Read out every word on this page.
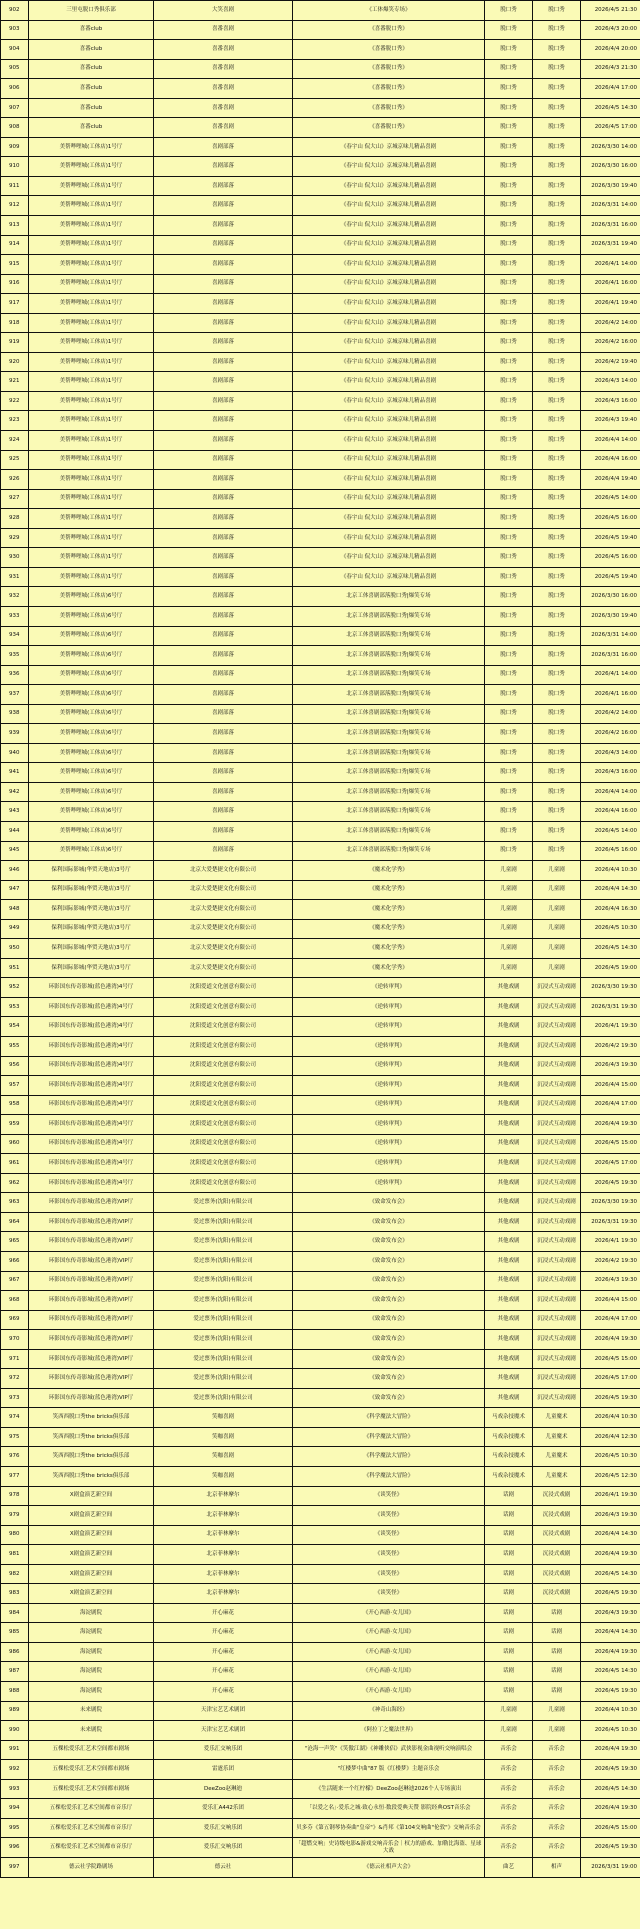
902	三里屯脱口秀俱乐部	大笑喜剧	《工体爆笑专场》	脱口秀	脱口秀	2026/4/5 21:30
903	喜番club	喜番喜剧	《喜番脱口秀》	脱口秀	脱口秀	2026/4/3 20:00
904	喜番club	喜番喜剧	《喜番脱口秀》	脱口秀	脱口秀	2026/4/4 20:00
905	喜番club	喜番喜剧	《喜番脱口秀》	脱口秀	脱口秀	2026/4/3 21:30
906	喜番club	喜番喜剧	《喜番脱口秀》	脱口秀	脱口秀	2026/4/4 17:00
907	喜番club	喜番喜剧	《喜番脱口秀》	脱口秀	脱口秀	2026/4/5 14:30
908	喜番club	喜番喜剧	《喜番脱口秀》	脱口秀	脱口秀	2026/4/5 17:00
909	美帮哔哩城(工体店)1号厅	喜剧部落	《春宇山 侃大山》京城京味儿精品喜剧	脱口秀	脱口秀	2026/3/30 14:00
910	美帮哔哩城(工体店)1号厅	喜剧部落	《春宇山 侃大山》京城京味儿精品喜剧	脱口秀	脱口秀	2026/3/30 16:00
911	美帮哔哩城(工体店)1号厅	喜剧部落	《春宇山 侃大山》京城京味儿精品喜剧	脱口秀	脱口秀	2026/3/30 19:40
912	美帮哔哩城(工体店)1号厅	喜剧部落	《春宇山 侃大山》京城京味儿精品喜剧	脱口秀	脱口秀	2026/3/31 14:00
913	美帮哔哩城(工体店)1号厅	喜剧部落	《春宇山 侃大山》京城京味儿精品喜剧	脱口秀	脱口秀	2026/3/31 16:00
914	美帮哔哩城(工体店)1号厅	喜剧部落	《春宇山 侃大山》京城京味儿精品喜剧	脱口秀	脱口秀	2026/3/31 19:40
915	美帮哔哩城(工体店)1号厅	喜剧部落	《春宇山 侃大山》京城京味儿精品喜剧	脱口秀	脱口秀	2026/4/1 14:00
916	美帮哔哩城(工体店)1号厅	喜剧部落	《春宇山 侃大山》京城京味儿精品喜剧	脱口秀	脱口秀	2026/4/1 16:00
917	美帮哔哩城(工体店)1号厅	喜剧部落	《春宇山 侃大山》京城京味儿精品喜剧	脱口秀	脱口秀	2026/4/1 19:40
918	美帮哔哩城(工体店)1号厅	喜剧部落	《春宇山 侃大山》京城京味儿精品喜剧	脱口秀	脱口秀	2026/4/2 14:00
919	美帮哔哩城(工体店)1号厅	喜剧部落	《春宇山 侃大山》京城京味儿精品喜剧	脱口秀	脱口秀	2026/4/2 16:00
920	美帮哔哩城(工体店)1号厅	喜剧部落	《春宇山 侃大山》京城京味儿精品喜剧	脱口秀	脱口秀	2026/4/2 19:40
921	美帮哔哩城(工体店)1号厅	喜剧部落	《春宇山 侃大山》京城京味儿精品喜剧	脱口秀	脱口秀	2026/4/3 14:00
922	美帮哔哩城(工体店)1号厅	喜剧部落	《春宇山 侃大山》京城京味儿精品喜剧	脱口秀	脱口秀	2026/4/3 16:00
923	美帮哔哩城(工体店)1号厅	喜剧部落	《春宇山 侃大山》京城京味儿精品喜剧	脱口秀	脱口秀	2026/4/3 19:40
924	美帮哔哩城(工体店)1号厅	喜剧部落	《春宇山 侃大山》京城京味儿精品喜剧	脱口秀	脱口秀	2026/4/4 14:00
925	美帮哔哩城(工体店)1号厅	喜剧部落	《春宇山 侃大山》京城京味儿精品喜剧	脱口秀	脱口秀	2026/4/4 16:00
926	美帮哔哩城(工体店)1号厅	喜剧部落	《春宇山 侃大山》京城京味儿精品喜剧	脱口秀	脱口秀	2026/4/4 19:40
927	美帮哔哩城(工体店)1号厅	喜剧部落	《春宇山 侃大山》京城京味儿精品喜剧	脱口秀	脱口秀	2026/4/5 14:00
928	美帮哔哩城(工体店)1号厅	喜剧部落	《春宇山 侃大山》京城京味儿精品喜剧	脱口秀	脱口秀	2026/4/5 16:00
929	美帮哔哩城(工体店)1号厅	喜剧部落	《春宇山 侃大山》京城京味儿精品喜剧	脱口秀	脱口秀	2026/4/5 19:40
930	美帮哔哩城(工体店)1号厅	喜剧部落	《春宇山 侃大山》京城京味儿精品喜剧	脱口秀	脱口秀	2026/4/5 16:00
931	美帮哔哩城(工体店)1号厅	喜剧部落	《春宇山 侃大山》京城京味儿精品喜剧	脱口秀	脱口秀	2026/4/5 19:40
932	美帮哔哩城(工体店)6号厅	喜剧部落	北京工体喜剧部落脱口秀|爆笑专场	脱口秀	脱口秀	2026/3/30 16:00
933	美帮哔哩城(工体店)6号厅	喜剧部落	北京工体喜剧部落脱口秀|爆笑专场	脱口秀	脱口秀	2026/3/30 19:40
934	美帮哔哩城(工体店)6号厅	喜剧部落	北京工体喜剧部落脱口秀|爆笑专场	脱口秀	脱口秀	2026/3/31 14:00
935	美帮哔哩城(工体店)6号厅	喜剧部落	北京工体喜剧部落脱口秀|爆笑专场	脱口秀	脱口秀	2026/3/31 16:00
936	美帮哔哩城(工体店)6号厅	喜剧部落	北京工体喜剧部落脱口秀|爆笑专场	脱口秀	脱口秀	2026/4/1 14:00
937	美帮哔哩城(工体店)6号厅	喜剧部落	北京工体喜剧部落脱口秀|爆笑专场	脱口秀	脱口秀	2026/4/1 16:00
938	美帮哔哩城(工体店)6号厅	喜剧部落	北京工体喜剧部落脱口秀|爆笑专场	脱口秀	脱口秀	2026/4/2 14:00
939	美帮哔哩城(工体店)6号厅	喜剧部落	北京工体喜剧部落脱口秀|爆笑专场	脱口秀	脱口秀	2026/4/2 16:00
940	美帮哔哩城(工体店)6号厅	喜剧部落	北京工体喜剧部落脱口秀|爆笑专场	脱口秀	脱口秀	2026/4/3 14:00
941	美帮哔哩城(工体店)6号厅	喜剧部落	北京工体喜剧部落脱口秀|爆笑专场	脱口秀	脱口秀	2026/4/3 16:00
942	美帮哔哩城(工体店)6号厅	喜剧部落	北京工体喜剧部落脱口秀|爆笑专场	脱口秀	脱口秀	2026/4/4 14:00
943	美帮哔哩城(工体店)6号厅	喜剧部落	北京工体喜剧部落脱口秀|爆笑专场	脱口秀	脱口秀	2026/4/4 16:00
944	美帮哔哩城(工体店)6号厅	喜剧部落	北京工体喜剧部落脱口秀|爆笑专场	脱口秀	脱口秀	2026/4/5 14:00
945	美帮哔哩城(工体店)6号厅	喜剧部落	北京工体喜剧部落脱口秀|爆笑专场	脱口秀	脱口秀	2026/4/5 16:00
946	保利国际影城(华贸天地店)3号厅	北京大爱楚捷文化有限公司	《魔术化学秀》	儿童剧	儿童剧	2026/4/4 10:30
947	保利国际影城(华贸天地店)3号厅	北京大爱楚捷文化有限公司	《魔术化学秀》	儿童剧	儿童剧	2026/4/4 14:30
948	保利国际影城(华贸天地店)3号厅	北京大爱楚捷文化有限公司	《魔术化学秀》	儿童剧	儿童剧	2026/4/4 16:30
949	保利国际影城(华贸天地店)3号厅	北京大爱楚捷文化有限公司	《魔术化学秀》	儿童剧	儿童剧	2026/4/5 10:30
950	保利国际影城(华贸天地店)3号厅	北京大爱楚捷文化有限公司	《魔术化学秀》	儿童剧	儿童剧	2026/4/5 14:30
951	保利国际影城(华贸天地店)3号厅	北京大爱楚捷文化有限公司	《魔术化学秀》	儿童剧	儿童剧	2026/4/5 19:00
952	环影国东传奇影城(蓝色港湾)4号厅	沈阳爱道文化创意有限公司	《逆转审判》	其他戏剧	沉浸式互动戏剧	2026/3/30 19:30
953	环影国东传奇影城(蓝色港湾)4号厅	沈阳爱道文化创意有限公司	《逆转审判》	其他戏剧	沉浸式互动戏剧	2026/3/31 19:30
954	环影国东传奇影城(蓝色港湾)4号厅	沈阳爱道文化创意有限公司	《逆转审判》	其他戏剧	沉浸式互动戏剧	2026/4/1 19:30
955	环影国东传奇影城(蓝色港湾)4号厅	沈阳爱道文化创意有限公司	《逆转审判》	其他戏剧	沉浸式互动戏剧	2026/4/2 19:30
956	环影国东传奇影城(蓝色港湾)4号厅	沈阳爱道文化创意有限公司	《逆转审判》	其他戏剧	沉浸式互动戏剧	2026/4/3 19:30
957	环影国东传奇影城(蓝色港湾)4号厅	沈阳爱道文化创意有限公司	《逆转审判》	其他戏剧	沉浸式互动戏剧	2026/4/4 15:00
958	环影国东传奇影城(蓝色港湾)4号厅	沈阳爱道文化创意有限公司	《逆转审判》	其他戏剧	沉浸式互动戏剧	2026/4/4 17:00
959	环影国东传奇影城(蓝色港湾)4号厅	沈阳爱道文化创意有限公司	《逆转审判》	其他戏剧	沉浸式互动戏剧	2026/4/4 19:30
960	环影国东传奇影城(蓝色港湾)4号厅	沈阳爱道文化创意有限公司	《逆转审判》	其他戏剧	沉浸式互动戏剧	2026/4/5 15:00
961	环影国东传奇影城(蓝色港湾)4号厅	沈阳爱道文化创意有限公司	《逆转审判》	其他戏剧	沉浸式互动戏剧	2026/4/5 17:00
962	环影国东传奇影城(蓝色港湾)4号厅	沈阳爱道文化创意有限公司	《逆转审判》	其他戏剧	沉浸式互动戏剧	2026/4/5 19:30
963	环影国东传奇影城(蓝色港湾)VIP厅	爱过票务(沈阳)有限公司	《致命发布会》	其他戏剧	沉浸式互动戏剧	2026/3/30 19:30
964	环影国东传奇影城(蓝色港湾)VIP厅	爱过票务(沈阳)有限公司	《致命发布会》	其他戏剧	沉浸式互动戏剧	2026/3/31 19:30
965	环影国东传奇影城(蓝色港湾)VIP厅	爱过票务(沈阳)有限公司	《致命发布会》	其他戏剧	沉浸式互动戏剧	2026/4/1 19:30
966	环影国东传奇影城(蓝色港湾)VIP厅	爱过票务(沈阳)有限公司	《致命发布会》	其他戏剧	沉浸式互动戏剧	2026/4/2 19:30
967	环影国东传奇影城(蓝色港湾)VIP厅	爱过票务(沈阳)有限公司	《致命发布会》	其他戏剧	沉浸式互动戏剧	2026/4/3 19:30
968	环影国东传奇影城(蓝色港湾)VIP厅	爱过票务(沈阳)有限公司	《致命发布会》	其他戏剧	沉浸式互动戏剧	2026/4/4 15:00
969	环影国东传奇影城(蓝色港湾)VIP厅	爱过票务(沈阳)有限公司	《致命发布会》	其他戏剧	沉浸式互动戏剧	2026/4/4 17:00
970	环影国东传奇影城(蓝色港湾)VIP厅	爱过票务(沈阳)有限公司	《致命发布会》	其他戏剧	沉浸式互动戏剧	2026/4/4 19:30
971	环影国东传奇影城(蓝色港湾)VIP厅	爱过票务(沈阳)有限公司	《致命发布会》	其他戏剧	沉浸式互动戏剧	2026/4/5 15:00
972	环影国东传奇影城(蓝色港湾)VIP厅	爱过票务(沈阳)有限公司	《致命发布会》	其他戏剧	沉浸式互动戏剧	2026/4/5 17:00
973	环影国东传奇影城(蓝色港湾)VIP厅	爱过票务(沈阳)有限公司	《致命发布会》	其他戏剧	沉浸式互动戏剧	2026/4/5 19:30
974	笑西西脱口秀the bricks俱乐部	笑咖喜剧	《科学魔法大冒险》	马戏杂技魔术	儿童魔术	2026/4/4 10:30
975	笑西西脱口秀the bricks俱乐部	笑咖喜剧	《科学魔法大冒险》	马戏杂技魔术	儿童魔术	2026/4/4 12:30
976	笑西西脱口秀the bricks俱乐部	笑咖喜剧	《科学魔法大冒险》	马戏杂技魔术	儿童魔术	2026/4/5 10:30
977	笑西西脱口秀the bricks俱乐部	笑咖喜剧	《科学魔法大冒险》	马戏杂技魔术	儿童魔术	2026/4/5 12:30
978	X剧盒演艺新空间	北京菲林摩尔	《谈笑怪》	话剧	沉浸式戏剧	2026/4/1 19:30
979	X剧盒演艺新空间	北京菲林摩尔	《谈笑怪》	话剧	沉浸式戏剧	2026/4/3 19:30
980	X剧盒演艺新空间	北京菲林摩尔	《谈笑怪》	话剧	沉浸式戏剧	2026/4/4 14:30
981	X剧盒演艺新空间	北京菲林摩尔	《谈笑怪》	话剧	沉浸式戏剧	2026/4/4 19:30
982	X剧盒演艺新空间	北京菲林摩尔	《谈笑怪》	话剧	沉浸式戏剧	2026/4/5 14:30
983	X剧盒演艺新空间	北京菲林摩尔	《谈笑怪》	话剧	沉浸式戏剧	2026/4/5 19:30
984	海淀剧院	开心麻花	《开心西游·女儿国》	话剧	话剧	2026/4/3 19:30
985	海淀剧院	开心麻花	《开心西游·女儿国》	话剧	话剧	2026/4/4 14:30
986	海淀剧院	开心麻花	《开心西游·女儿国》	话剧	话剧	2026/4/4 19:30
987	海淀剧院	开心麻花	《开心西游·女儿国》	话剧	话剧	2026/4/5 14:30
988	海淀剧院	开心麻花	《开心西游·女儿国》	话剧	话剧	2026/4/5 19:30
989	未来剧院	天津宝艺艺术剧团	《神奇山海经》	儿童剧	儿童剧	2026/4/4 10:30
990	未来剧院	天津宝艺艺术剧团	《阿拉丁之魔法世界》	儿童剧	儿童剧	2026/4/5 10:30
991	五棵松爱乐汇艺术空间都市剧场	爱乐汇交响乐团	"沧海一声笑"《笑傲江湖》《神雕侠侣》武侠影视金曲视听交响演唱会	音乐会	音乐会	2026/4/4 19:30
992	五棵松爱乐汇艺术空间都市剧场	雷霆乐团	"红楼梦中曲"87 版《红楼梦》主题音乐会	音乐会	音乐会	2026/4/5 19:30
993	五棵松爱乐汇艺术空间都市剧场	DeeZoo赵琳迪	《生活随来一个红柠檬》DeeZoo赵琳迪2026个人专场演出	音乐会	音乐会	2026/4/5 14:30
994	五棵松爱乐汇艺术空间都市音乐厅	爱乐汇A442乐团	「以爱之名」·爱乐之城·致心永恒·数段爱典天赞 影院经典OST音乐会	音乐会	音乐会	2026/4/4 19:30
995	五棵松爱乐汇艺术空间都市音乐厅	爱乐汇交响乐团	贝多芬《第五钢琴协奏曲"皇帝"》&肖邦《第104交响曲"伦敦"》交响音乐会	音乐会	音乐会	2026/4/5 15:00
996	五棵松爱乐汇艺术空间都市音乐厅	爱乐汇交响乐团	「超燃交响」史诗级电影&游戏交响音乐会｜权力的游戏、加勒比海盗、星球大战	音乐会	音乐会	2026/4/5 19:30
997	德云社学院路剧场	德云社	《德云社相声大会》	曲艺	相声	2026/3/31 19:00
